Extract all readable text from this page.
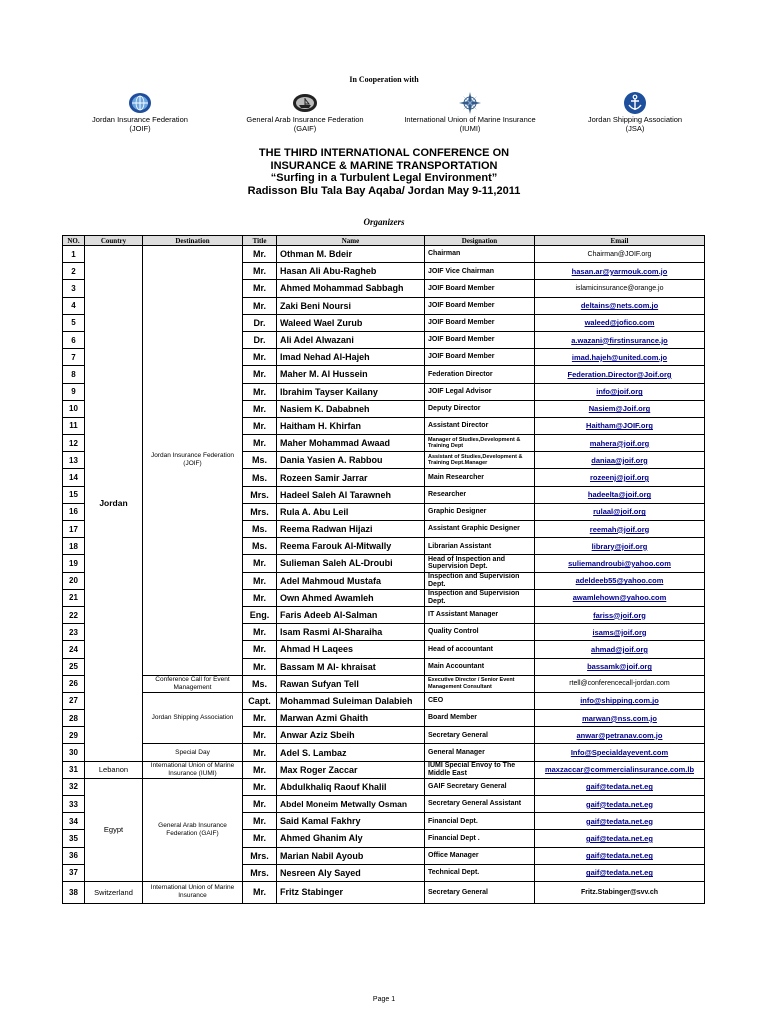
In Cooperation with
Jordan Insurance Federation
(JOIF)
General Arab Insurance Federation
(GAIF)
International Union of Marine Insurance
(IUMI)
Jordan Shipping Association
(JSA)
THE THIRD INTERNATIONAL CONFERENCE ON
INSURANCE & MARINE TRANSPORTATION
“Surfing in a Turbulent Legal Environment”
Radisson Blu Tala Bay Aqaba/ Jordan May 9-11,2011
Organizers
NO.	Country	Destination	Title	Name	Designation	Email
1	Jordan	Jordan Insurance Federation (JOIF)	Mr.	Othman M. Bdeir	Chairman	Chairman@JOIF.org
2			Mr.	Hasan Ali Abu-Ragheb	JOIF Vice Chairman	hasan.ar@yarmouk.com.jo
3			Mr.	Ahmed Mohammad Sabbagh	JOIF Board Member	islamicinsurance@orange.jo
4			Mr.	Zaki Beni Noursi	JOIF Board Member	deltains@nets.com.jo
5			Dr.	Waleed Wael Zurub	JOIF Board Member	waleed@jofico.com
6			Dr.	Ali Adel Alwazani	JOIF Board Member	a.wazani@firstinsurance.jo
7			Mr.	Imad Nehad Al-Hajeh	JOIF Board Member	imad.hajeh@united.com.jo
8			Mr.	Maher M. Al Hussein	Federation Director	Federation.Director@Joif.org
9			Mr.	Ibrahim Tayser Kailany	JOIF Legal Advisor	info@joif.org
10			Mr.	Nasiem K. Dababneh	Deputy Director	Nasiem@Joif.org
11			Mr.	Haitham H. Khirfan	Assistant Director	Haitham@JOIF.org
12			Mr.	Maher Mohammad Awaad	Manager of Studies,Development & Training Dept	mahera@joif.org
13			Ms.	Dania Yasien A. Rabbou	Assistant of Studies,Development & Training Dept.Manager	daniaa@joif.org
14			Ms.	Rozeen Samir Jarrar	Main Researcher	rozeenj@joif.org
15			Mrs.	Hadeel Saleh Al Tarawneh	Researcher	hadeelta@joif.org
16			Mrs.	Rula A. Abu Leil	Graphic Designer	rulaal@joif.org
17			Ms.	Reema Radwan Hijazi	Assistant Graphic Designer	reemah@joif.org
18			Ms.	Reema Farouk Al-Mitwally	Librarian Assistant	library@joif.org
19			Mr.	Sulieman Saleh AL-Droubi	Head of Inspection and Supervision Dept.	suliemandroubi@yahoo.com
20			Mr.	Adel Mahmoud Mustafa	Inspection and Supervision Dept.	adeldeeb55@yahoo.com
21			Mr.	Own Ahmed Awamleh	Inspection and Supervision Dept.	awamlehown@yahoo.com
22			Eng.	Faris Adeeb Al-Salman	IT Assistant Manager	fariss@joif.org
23			Mr.	Isam Rasmi Al-Sharaiha	Quality Control	isams@joif.org
24			Mr.	Ahmad H Laqees	Head of accountant	ahmad@joif.org
25			Mr.	Bassam M Al- khraisat	Main Accountant	bassamk@joif.org
26		Conference Call for Event Management	Ms.	Rawan Sufyan Tell	Executive Director / Senior Event Management Consultant	rtell@conferencecall-jordan.com
27		Jordan Shipping Association	Capt.	Mohammad Suleiman Dalabieh	CEO	info@shipping.com.jo
28			Mr.	Marwan Azmi Ghaith	Board Member	marwan@nss.com.jo
29			Mr.	Anwar Aziz Sbeih	Secretary General	anwar@petranav.com.jo
30		Special Day	Mr.	Adel S. Lambaz	General Manager	Info@Specialdayevent.com
31	Lebanon	International Union of Marine Insurance (IUMI)	Mr.	Max Roger Zaccar	IUMI Special Envoy to The Middle East	maxzaccar@commercialinsurance.com.lb
32	Egypt	General Arab Insurance Federation (GAIF)	Mr.	Abdulkhaliq Raouf Khalil	GAIF Secretary General	gaif@tedata.net.eg
33			Mr.	Abdel Moneim Metwally Osman	Secretary General Assistant	gaif@tedata.net.eg
34			Mr.	Said Kamal Fakhry	Financial Dept.	gaif@tedata.net.eg
35			Mr.	Ahmed Ghanim Aly	Financial Dept .	gaif@tedata.net.eg
36			Mrs.	Marian Nabil Ayoub	Office Manager	gaif@tedata.net.eg
37			Mrs.	Nesreen Aly Sayed	Technical Dept.	gaif@tedata.net.eg
38	Switzerland	International Union of Marine Insurance	Mr.	Fritz Stabinger	Secretary General	Fritz.Stabinger@svv.ch
Page 1
